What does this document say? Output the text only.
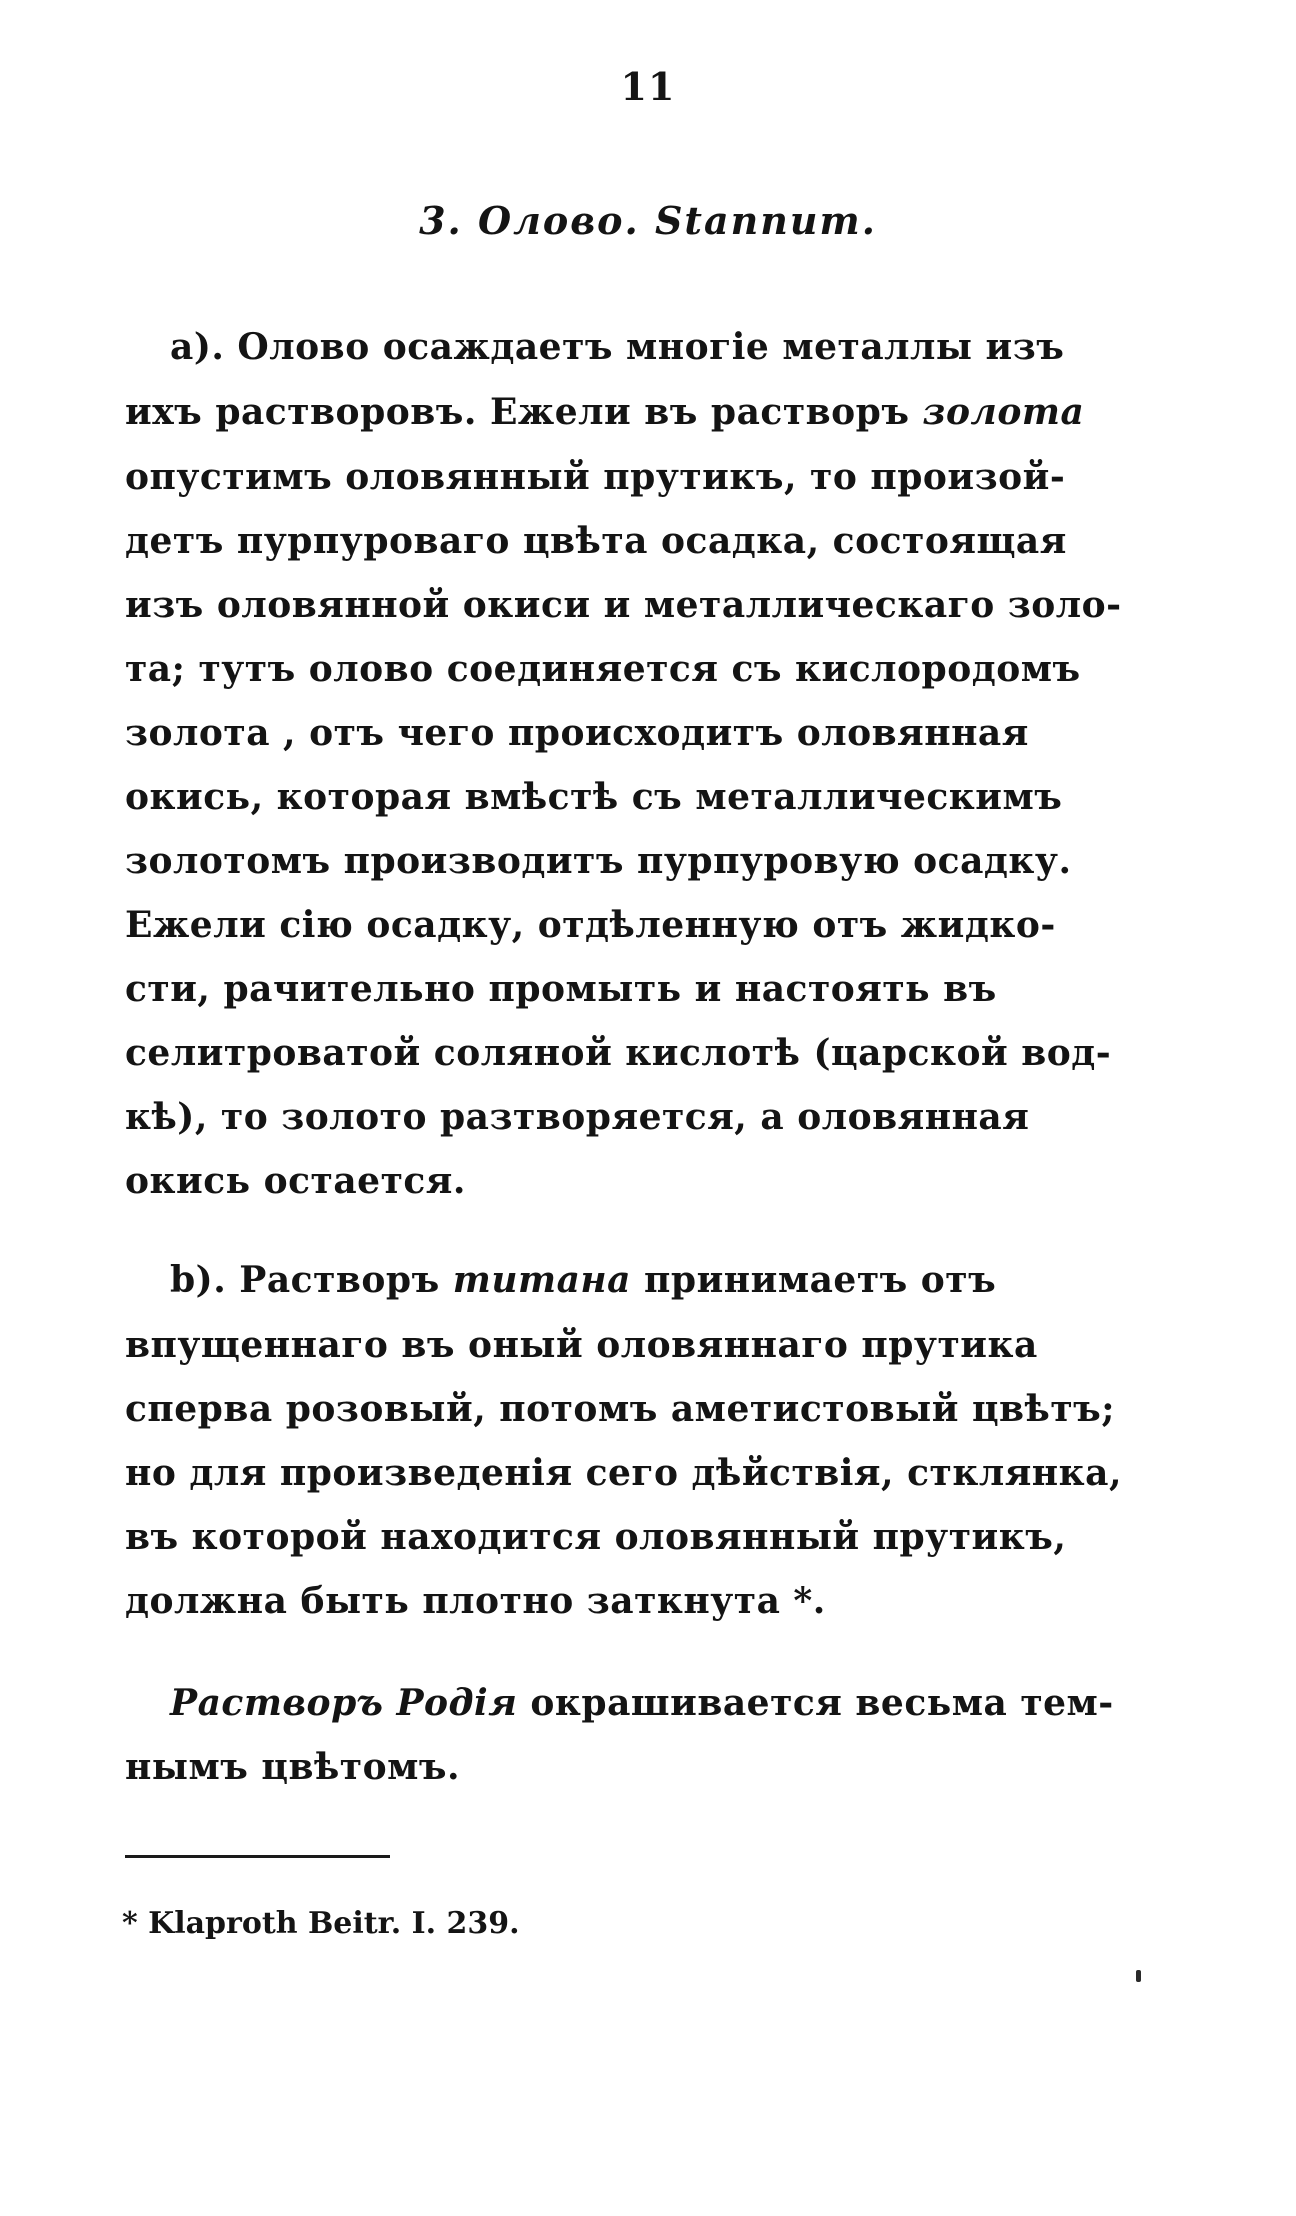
11
3. Олово. Stannum.
а). Олово осаждаетъ многіе металлы изъ
ихъ растворовъ. Ежели въ растворъ золота
опустимъ оловянный прутикъ, то произой-
детъ пурпуроваго цвѣта осадка, состоящая
изъ оловянной окиси и металлическаго золо-
та; тутъ олово соединяется съ кислородомъ
золота , отъ чего происходитъ оловянная
окись, которая вмѣстѣ съ металлическимъ
золотомъ производитъ пурпуровую осадку.
Ежели сію осадку, отдѣленную отъ жидко-
сти, рачительно промыть и настоять въ
селитроватой соляной кислотѣ (царской вод-
кѣ), то золото разтворяется, а оловянная
окись остается.
b). Растворъ титана принимаетъ отъ
впущеннаго въ оный оловяннаго прутика
сперва розовый, потомъ аметистовый цвѣтъ;
но для произведенія сего дѣйствія, стклянка,
въ которой находится оловянный прутикъ,
должна быть плотно заткнута *.
Растворъ Родія окрашивается весьма тем-
нымъ цвѣтомъ.
* Klaproth Beitr. I. 239.
